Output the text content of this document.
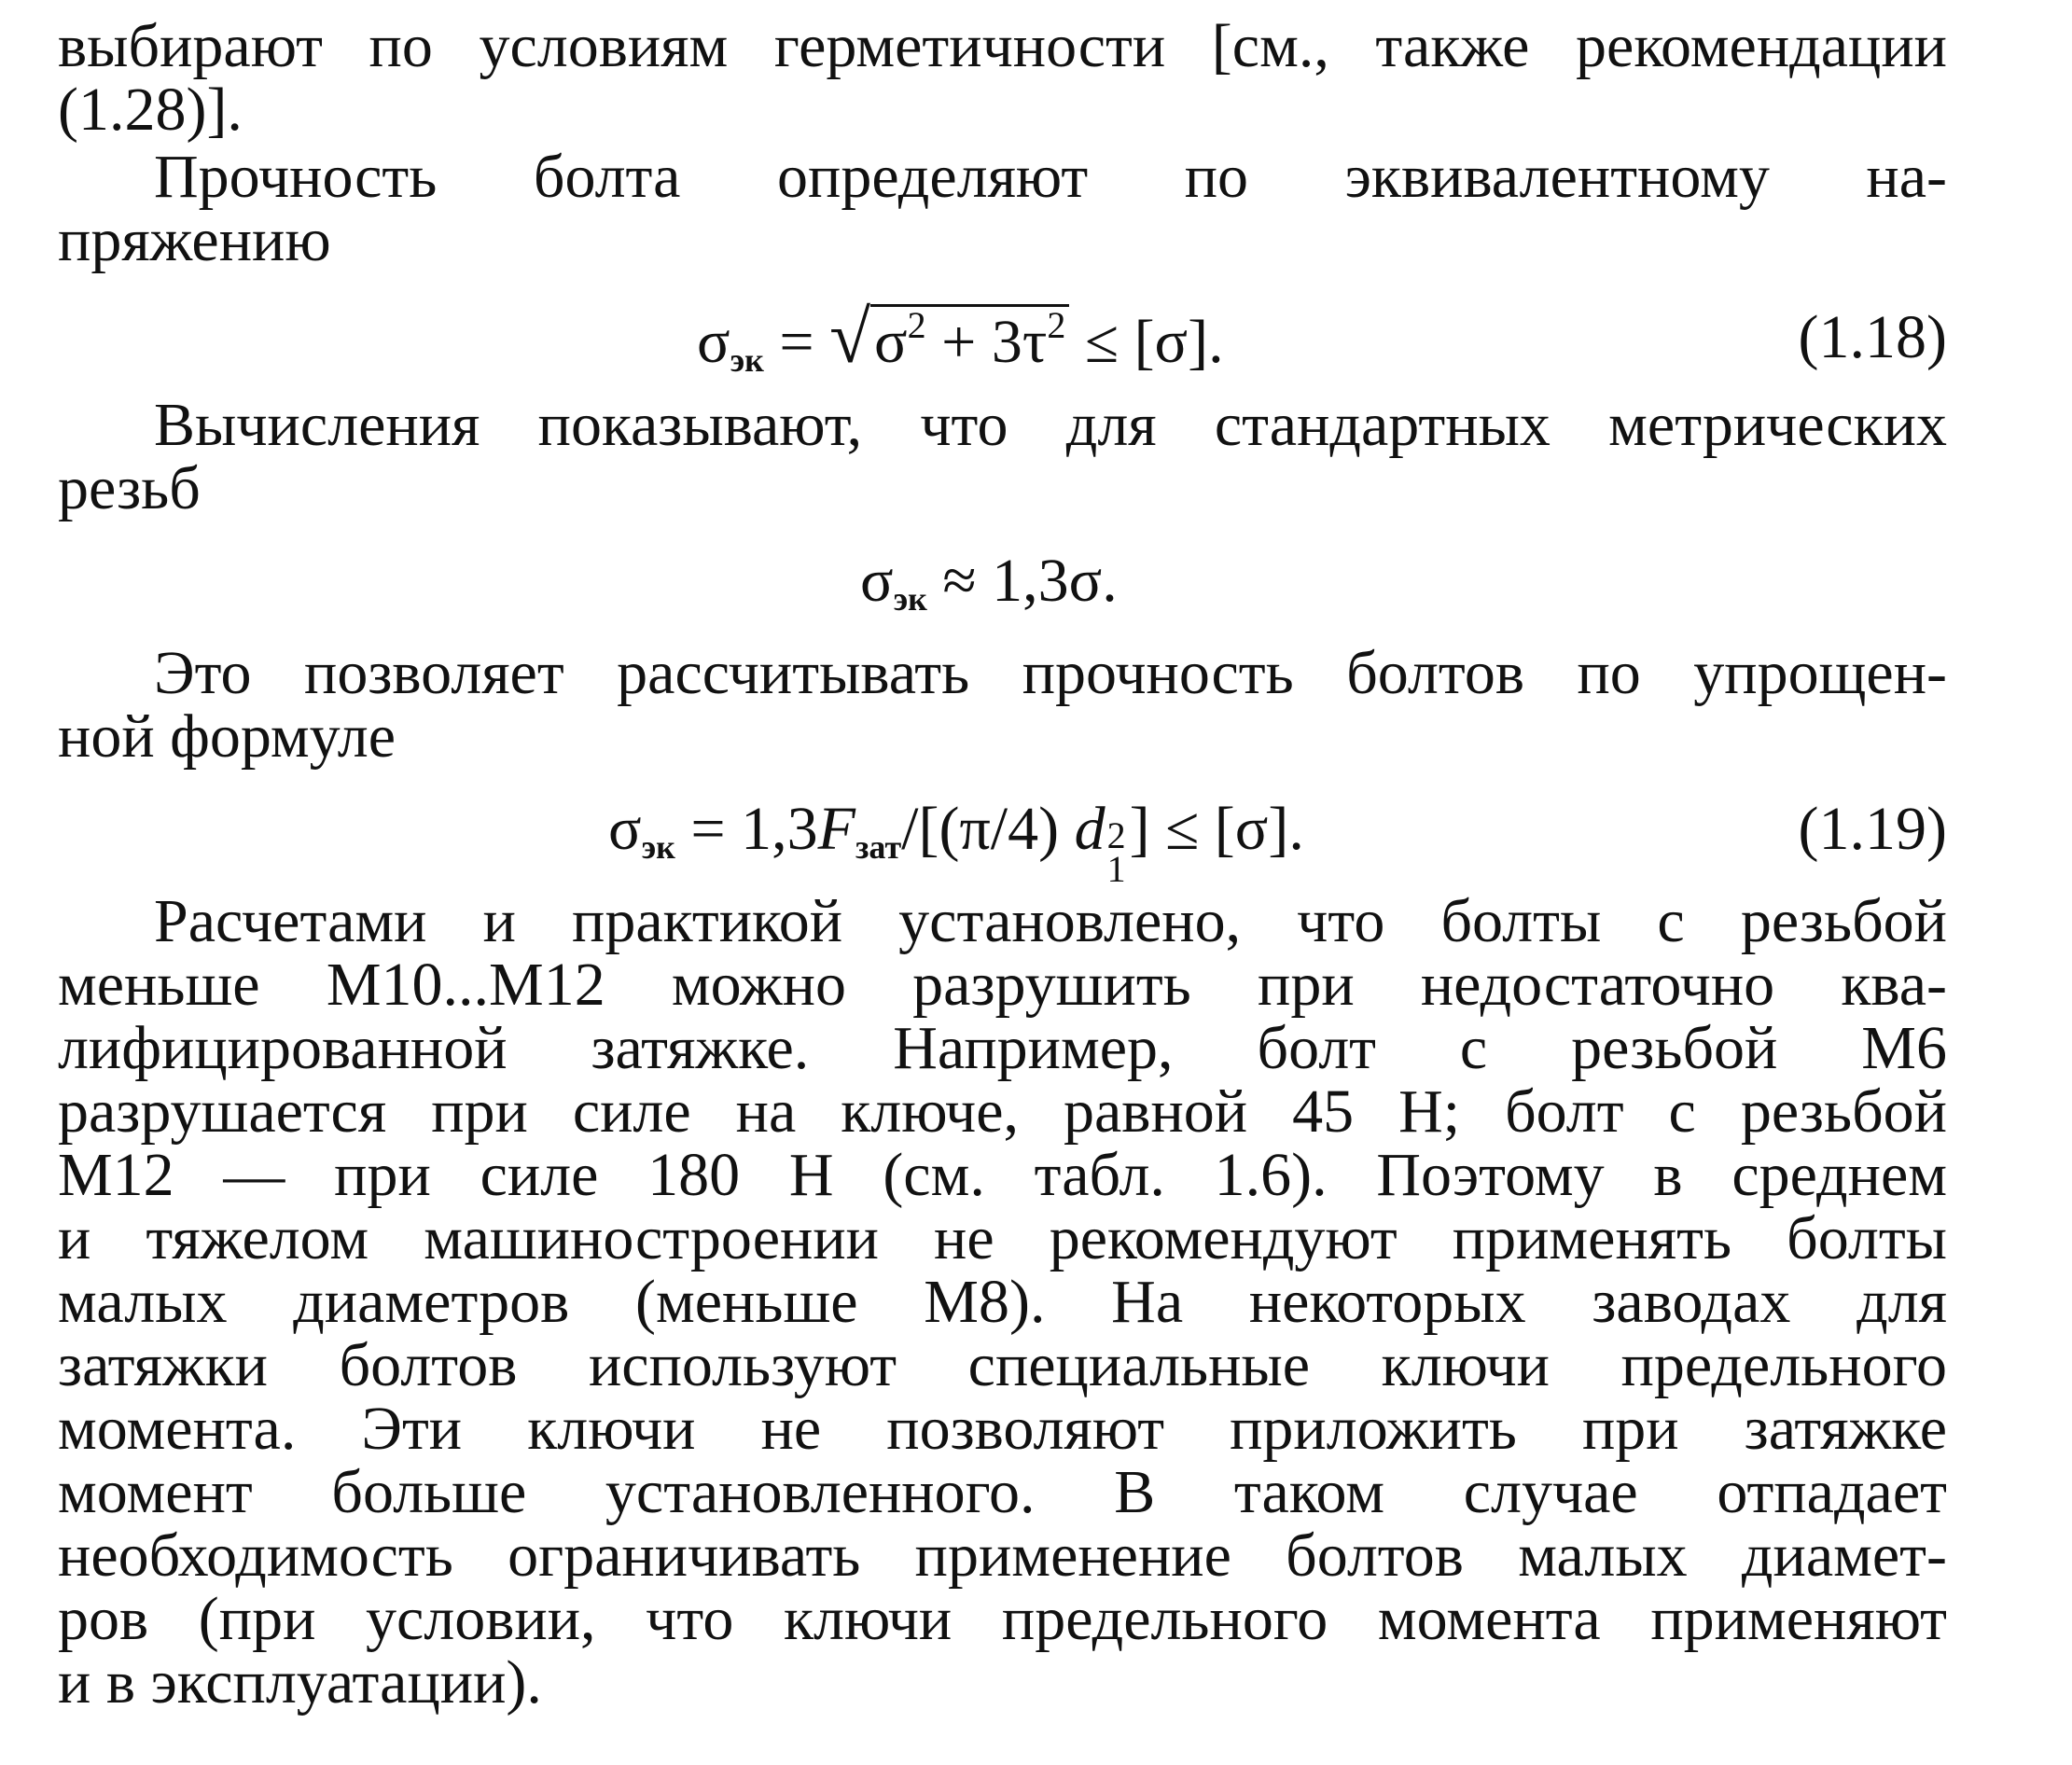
выбирают по условиям герметичности [см., также рекомендации
(1.28)].

Прочность болта определяют по эквивалентному на-

пряжению

$\sigma_{эк} = √\sigma^2 + 3\tau^2 \le [\sigma]$.	(1.18)

Вычисления показывают, что для стандартных метрических

резьб

$\sigma_{эк} \approx 1,3\sigma$.

Это позволяет рассчитывать прочность болтов по упрощен-

ной формуле

$\sigma_{эк} = 1,3F_{зат}/[(\pi/4)$ d 2
1
] ≤ [σ].	(1.19)

Расчетами и практикой установлено, что болты с резьбой
меньше М10...М12 можно разрушить при недостаточно ква-
лифицированной затяжке. Например, болт с резьбой М6
разрушается при силе на ключе, равной 45 Н; болт с резьбой
М12 — при силе 180 Н (см. табл. 1.6). Поэтому в среднем
и тяжелом машиностроении не рекомендуют применять болты
малых диаметров (меньше М8). На некоторых заводах для
затяжки болтов используют специальные ключи предельного
момента. Эти ключи не позволяют приложить при затяжке
момент больше установленного. В таком случае отпадает
необходимость ограничивать применение болтов малых диамет-
ров (при условии, что ключи предельного момента применяют
и в эксплуатации).
